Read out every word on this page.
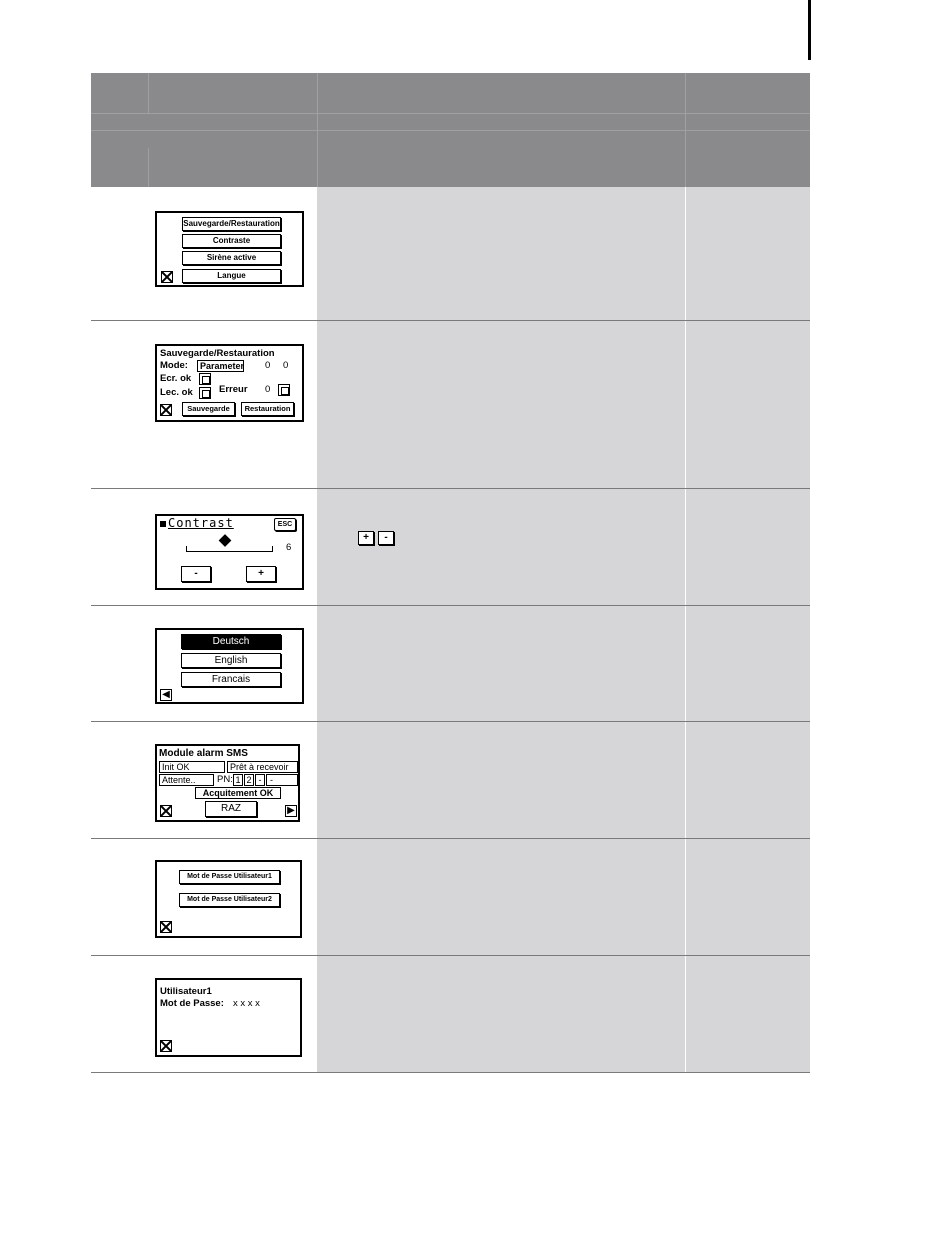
Sauvegarde/Restauration
Contraste
Sirène active
Langue
Sauvegarde/Restauration
Mode:	Parameter 0 0
Ecr. ok
Lec. ok	Erreur 0
Sauvegarde	Restauration
Contrast	ESC
6
-	+
+	-
Deutsch
English
Francais
◀
Module alarm SMS
Init OK	Prêt à recevoir
Attente..	PN: 1 2 - -
Acquitement OK
RAZ	▶
Mot de Passe Utilisateur1
Mot de Passe Utilisateur2
Utilisateur1
Mot de Passe: x x x x
